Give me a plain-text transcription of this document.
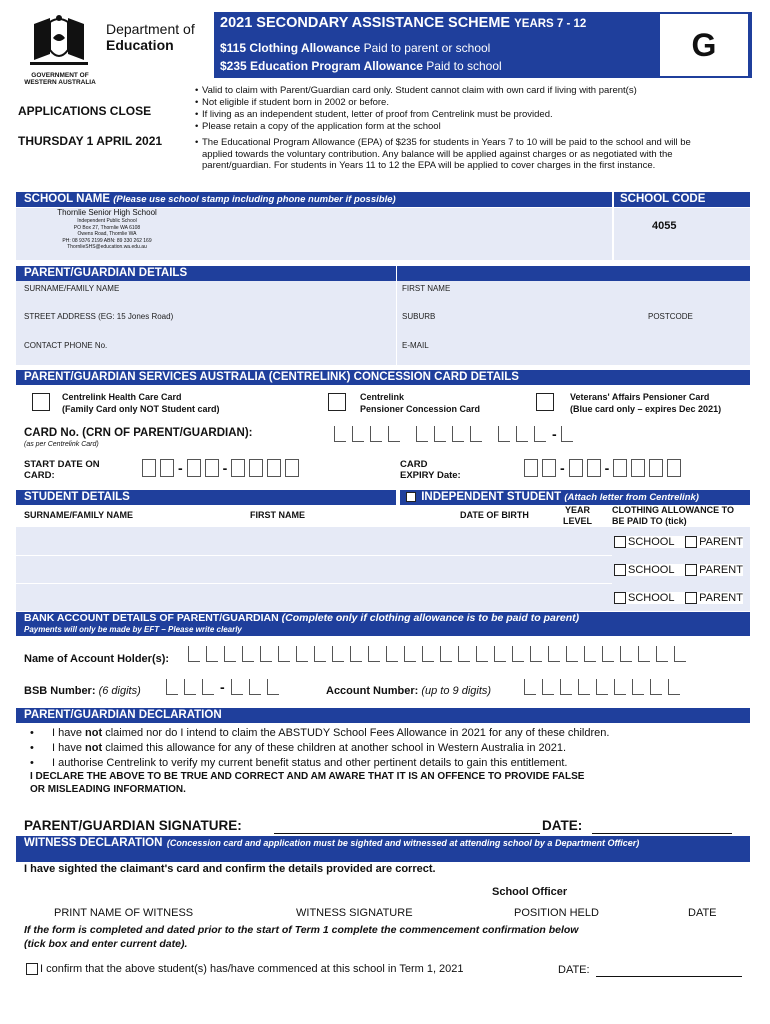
GOVERNMENT OF
WESTERN AUSTRALIA
Department of
Education
2021 SECONDARY ASSISTANCE SCHEME YEARS 7 - 12
$115 Clothing Allowance Paid to parent or school
$235 Education Program Allowance Paid to school
G
APPLICATIONS CLOSE
THURSDAY 1 APRIL 2021
• Valid to claim with Parent/Guardian card only. Student cannot claim with own card if living with parent(s)
• Not eligible if student born in 2002 or before.
• If living as an independent student, letter of proof from Centrelink must be provided.
• Please retain a copy of the application form at the school
• The Educational Program Allowance (EPA) of $235 for students in Years 7 to 10 will be paid to the school and will be applied towards the voluntary contribution. Any balance will be applied against charges or as negotiated with the parent/guardian. For students in Years 11 to 12 the EPA will be applied to cover charges in the first instance.
SCHOOL NAME (Please use school stamp including phone number if possible)	SCHOOL CODE
Thornlie Senior High School
Independent Public School
PO Box 27, Thornlie WA 6108
Owens Road, Thornlie WA
PH: 08 9376 2199 ABN: 89 330 262 169
ThornlieSHS@education.wa.edu.au
4055
PARENT/GUARDIAN DETAILS
SURNAME/FAMILY NAME	FIRST NAME
STREET ADDRESS (EG: 15 Jones Road)	SUBURB	POSTCODE
CONTACT PHONE No.	E-MAIL
PARENT/GUARDIAN SERVICES AUSTRALIA (CENTRELINK) CONCESSION CARD DETAILS
Centrelink Health Care Card
(Family Card only NOT Student card)
Centrelink
Pensioner Concession Card
Veterans' Affairs Pensioner Card
(Blue card only – expires Dec 2021)
CARD No. (CRN OF PARENT/GUARDIAN):
(as per Centrelink Card)
-
START DATE ON
CARD:	-	-	CARD
EXPIRY Date:	-	-
STUDENT DETAILS	INDEPENDENT STUDENT (Attach letter from Centrelink)
SURNAME/FAMILY NAME	FIRST NAME	DATE OF BIRTH	YEAR
LEVEL
CLOTHING ALLOWANCE TO
BE PAID TO (tick)
SCHOOL PARENT
SCHOOL PARENT
SCHOOL PARENT
BANK ACCOUNT DETAILS OF PARENT/GUARDIAN (Complete only if clothing allowance is to be paid to parent)
Payments will only be made by EFT – Please write clearly
Name of Account Holder(s):
BSB Number: (6 digits)	-	Account Number: (up to 9 digits)
PARENT/GUARDIAN DECLARATION
• I have not claimed nor do I intend to claim the ABSTUDY School Fees Allowance in 2021 for any of these children.
• I have not claimed this allowance for any of these children at another school in Western Australia in 2021.
• I authorise Centrelink to verify my current benefit status and other pertinent details to gain this entitlement.
I DECLARE THE ABOVE TO BE TRUE AND CORRECT AND AM AWARE THAT IT IS AN OFFENCE TO PROVIDE FALSE
OR MISLEADING INFORMATION.
PARENT/GUARDIAN SIGNATURE:	DATE:
WITNESS DECLARATION (Concession card and application must be sighted and witnessed at attending school by a Department Officer)
I have sighted the claimant's card and confirm the details provided are correct.
School Officer
PRINT NAME OF WITNESS	WITNESS SIGNATURE	POSITION HELD	DATE
If the form is completed and dated prior to the start of Term 1 complete the commencement confirmation below
(tick box and enter current date).
I confirm that the above student(s) has/have commenced at this school in Term 1, 2021	DATE:
